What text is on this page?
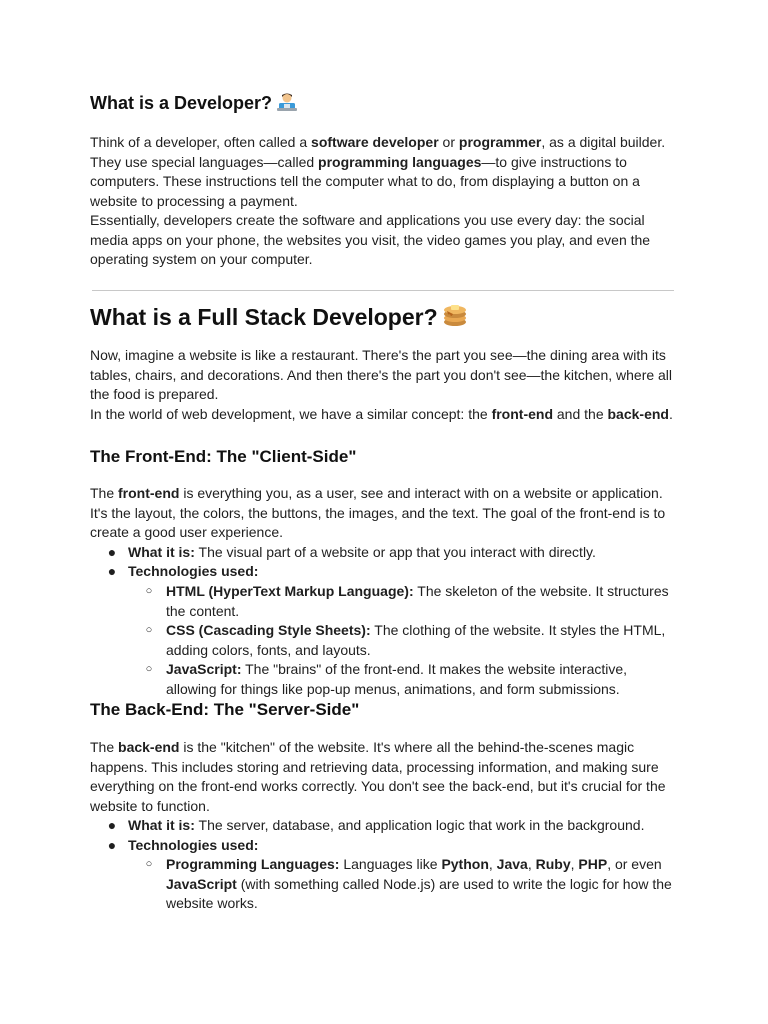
What is a Developer?
Think of a developer, often called a software developer or programmer, as a digital builder. They use special languages—called programming languages—to give instructions to computers. These instructions tell the computer what to do, from displaying a button on a website to processing a payment.
Essentially, developers create the software and applications you use every day: the social media apps on your phone, the websites you visit, the video games you play, and even the operating system on your computer.
What is a Full Stack Developer?
Now, imagine a website is like a restaurant. There's the part you see—the dining area with its tables, chairs, and decorations. And then there's the part you don't see—the kitchen, where all the food is prepared.
In the world of web development, we have a similar concept: the front-end and the back-end.
The Front-End: The "Client-Side"
The front-end is everything you, as a user, see and interact with on a website or application. It's the layout, the colors, the buttons, the images, and the text. The goal of the front-end is to create a good user experience.
● What it is: The visual part of a website or app that you interact with directly.
● Technologies used:
○ HTML (HyperText Markup Language): The skeleton of the website. It structures the content.
○ CSS (Cascading Style Sheets): The clothing of the website. It styles the HTML, adding colors, fonts, and layouts.
○ JavaScript: The "brains" of the front-end. It makes the website interactive, allowing for things like pop-up menus, animations, and form submissions.
The Back-End: The "Server-Side"
The back-end is the "kitchen" of the website. It's where all the behind-the-scenes magic happens. This includes storing and retrieving data, processing information, and making sure everything on the front-end works correctly. You don't see the back-end, but it's crucial for the website to function.
● What it is: The server, database, and application logic that work in the background.
● Technologies used:
○ Programming Languages: Languages like Python, Java, Ruby, PHP, or even JavaScript (with something called Node.js) are used to write the logic for how the website works.
